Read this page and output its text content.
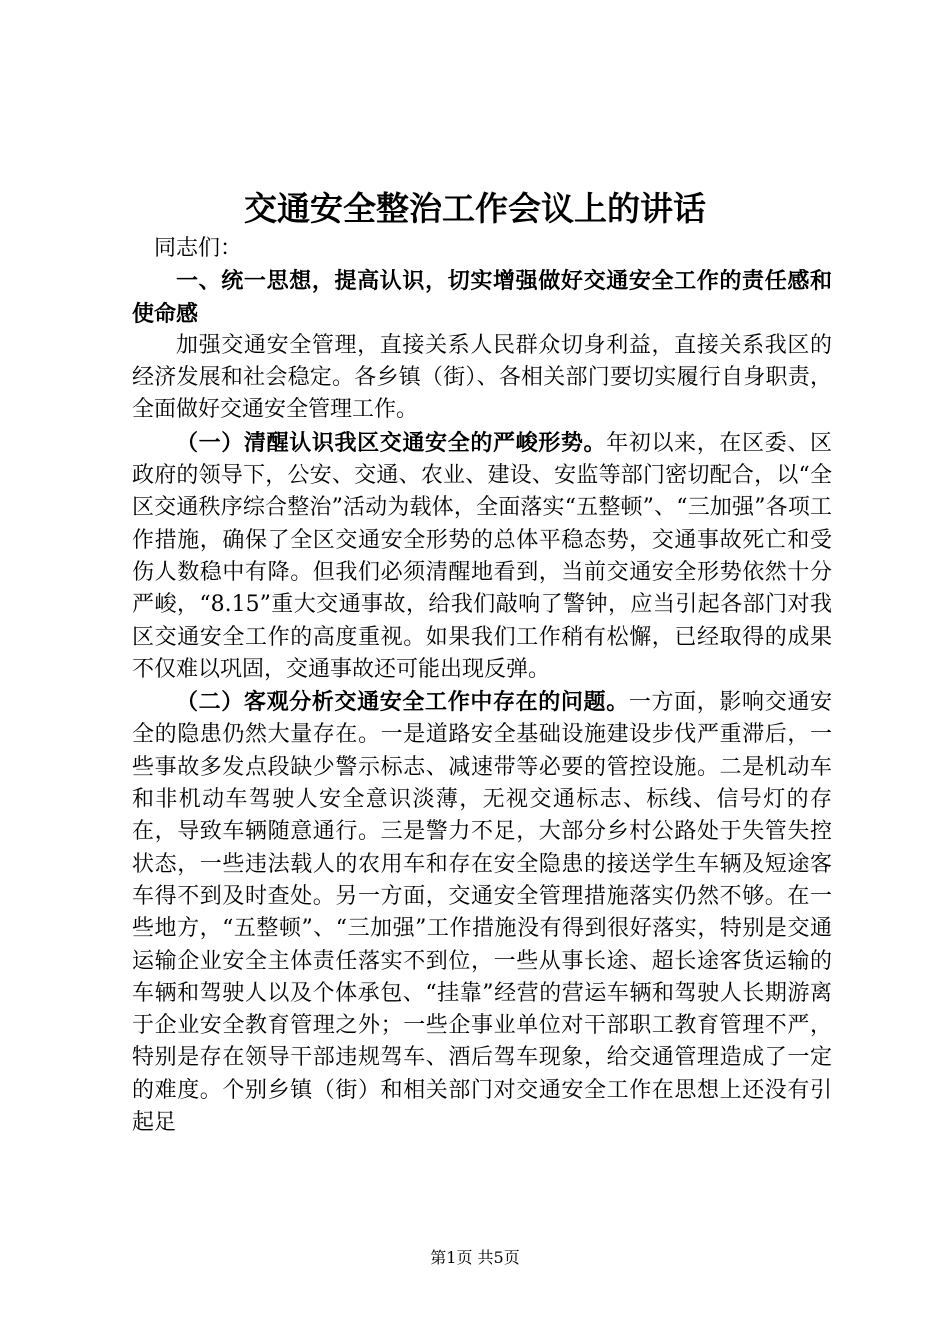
交通安全整治工作会议上的讲话

同志们：

一、统一思想，提高认识，切实增强做好交通安全工作的责任感和使命感

加强交通安全管理，直接关系人民群众切身利益，直接关系我区的经济发展和社会稳定。各乡镇（街）、各相关部门要切实履行自身职责，全面做好交通安全管理工作。

（一）清醒认识我区交通安全的严峻形势。年初以来，在区委、区政府的领导下，公安、交通、农业、建设、安监等部门密切配合，以“全区交通秩序综合整治”活动为载体，全面落实“五整顿”、“三加强”各项工作措施，确保了全区交通安全形势的总体平稳态势，交通事故死亡和受伤人数稳中有降。但我们必须清醒地看到，当前交通安全形势依然十分严峻，“8.15”重大交通事故，给我们敲响了警钟，应当引起各部门对我区交通安全工作的高度重视。如果我们工作稍有松懈，已经取得的成果不仅难以巩固，交通事故还可能出现反弹。

（二）客观分析交通安全工作中存在的问题。一方面，影响交通安全的隐患仍然大量存在。一是道路安全基础设施建设步伐严重滞后，一些事故多发点段缺少警示标志、减速带等必要的管控设施。二是机动车和非机动车驾驶人安全意识淡薄，无视交通标志、标线、信号灯的存在，导致车辆随意通行。三是警力不足，大部分乡村公路处于失管失控状态，一些违法载人的农用车和存在安全隐患的接送学生车辆及短途客车得不到及时查处。另一方面，交通安全管理措施落实仍然不够。在一些地方，“五整顿”、“三加强”工作措施没有得到很好落实，特别是交通运输企业安全主体责任落实不到位，一些从事长途、超长途客货运输的车辆和驾驶人以及个体承包、“挂靠”经营的营运车辆和驾驶人长期游离于企业安全教育管理之外；一些企事业单位对干部职工教育管理不严，特别是存在领导干部违规驾车、酒后驾车现象，给交通管理造成了一定的难度。个别乡镇（街）和相关部门对交通安全工作在思想上还没有引起足

第1页 共5页
